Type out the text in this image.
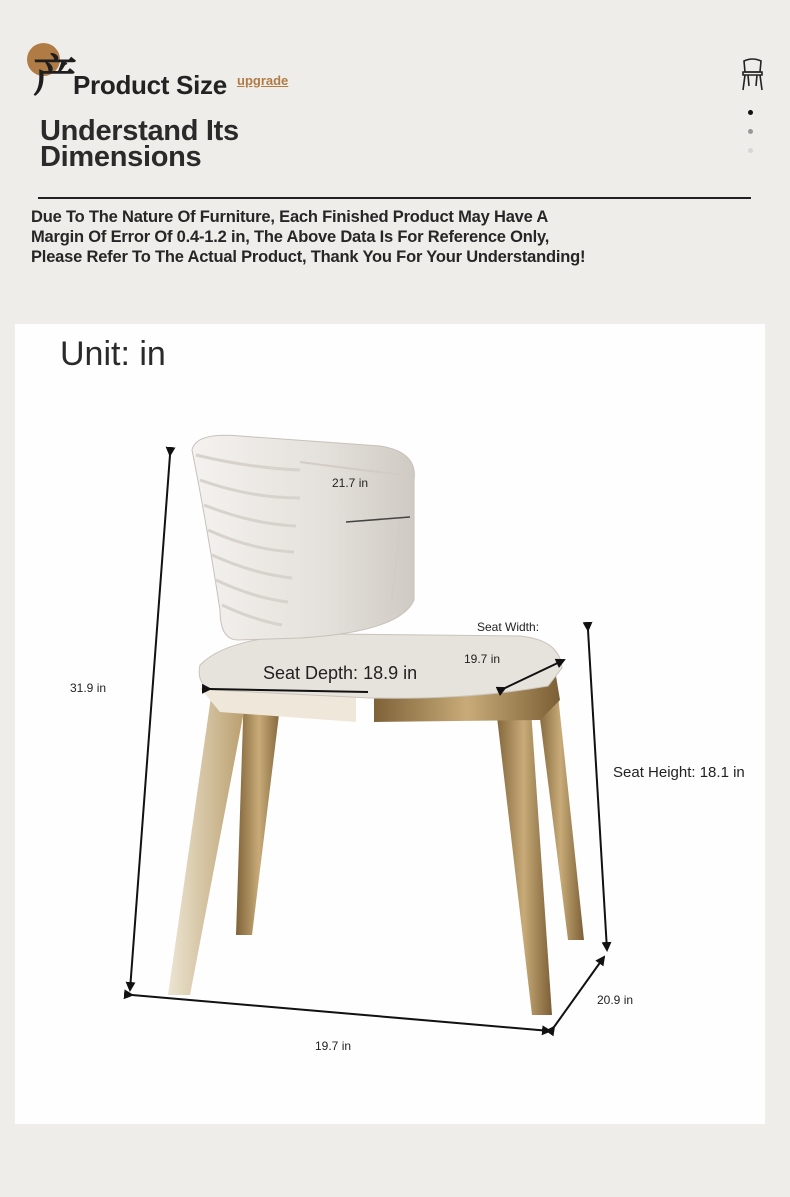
产
Product Size upgrade
Understand Its
Dimensions
Due To The Nature Of Furniture, Each Finished Product May Have A Margin Of Error Of 0.4-1.2 in, The Above Data Is For Reference Only, Please Refer To The Actual Product, Thank You For Your Understanding!
Unit: in
21.7 in
31.9 in
Seat Width:
19.7 in
Seat Depth: 18.9 in
Seat Height: 18.1 in
20.9 in
19.7 in
